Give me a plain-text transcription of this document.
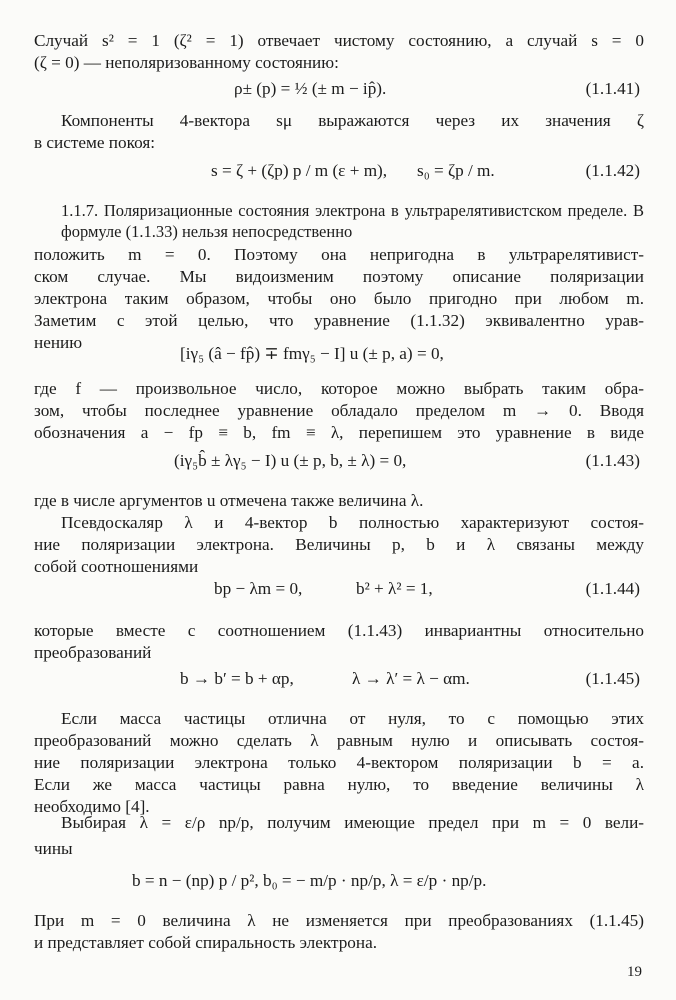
Случай s² = 1 (ζ² = 1) отвечает чистому состоянию, а случай s = 0
(ζ = 0) — неполяризованному состоянию:
ρ± (p) = ½ (± m − ip̂).	(1.1.41)
Компоненты 4-вектора sμ выражаются через их значения ζ
в системе покоя:
s = ζ + (ζp) p / m (ε + m), s₀ = ζp / m.	(1.1.42)
1.1.7. Поляризационные состояния электрона в ультрарелятивистском пределе. В формуле (1.1.33) нельзя непосредственно
положить m = 0. Поэтому она непригодна в ультрарелятивист-
ском случае. Мы видоизменим поэтому описание поляризации
электрона таким образом, чтобы оно было пригодно при любом m.
Заметим с этой целью, что уравнение (1.1.32) эквивалентно урав-
нению
[iγ₅ (â − fp̂) ∓ fmγ₅ − I] u (± p, a) = 0,
где f — произвольное число, которое можно выбрать таким обра-
зом, чтобы последнее уравнение обладало пределом m → 0. Вводя
обозначения a − fp ≡ b, fm ≡ λ, перепишем это уравнение в виде
(iγ₅b̂ ± λγ₅ − I) u (± p, b, ± λ) = 0,	(1.1.43)
где в числе аргументов u отмечена также величина λ.
Псевдоскаляр λ и 4-вектор b полностью характеризуют состоя-
ние поляризации электрона. Величины p, b и λ связаны между
собой соотношениями
bp − λm = 0,	b² + λ² = 1,	(1.1.44)
которые вместе с соотношением (1.1.43) инвариантны относительно
преобразований
b → b′ = b + αp,	λ → λ′ = λ − αm.	(1.1.45)
Если масса частицы отлична от нуля, то с помощью этих
преобразований можно сделать λ равным нулю и описывать состоя-
ние поляризации электрона только 4-вектором поляризации b = a.
Если же масса частицы равна нулю, то введение величины λ
необходимо [4].
Выбирая λ = ε/ρ np/p, получим имеющие предел при m = 0 вели-
чины
b = n − (np) p / p², b₀ = − m/p · np/p, λ = ε/p · np/p.
При m = 0 величина λ не изменяется при преобразованиях (1.1.45)
и представляет собой спиральность электрона.
19
